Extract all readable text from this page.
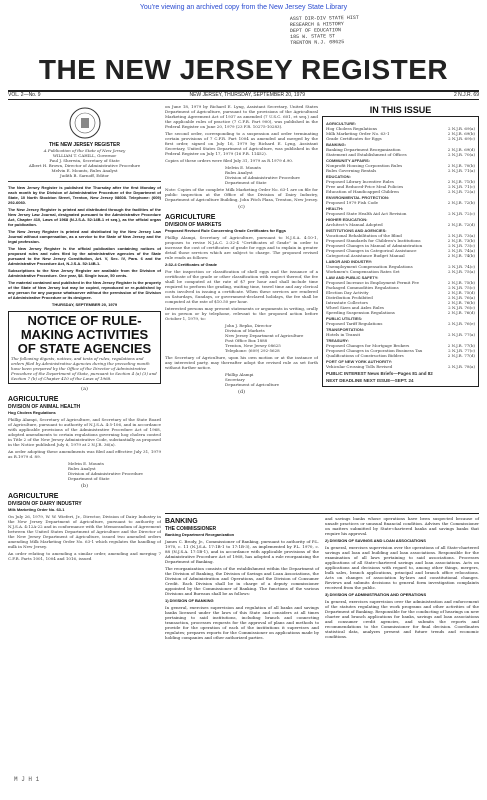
You're viewing an archived copy from the New Jersey State Library
ASST DIR-DIV STATE HIST
RESEARCH & HISTORY
DEPT OF EDUCATION
185 W. STATE ST
TRENTON N.J. 08625
THE NEW JERSEY REGISTER
VOL. 2—No. 9	NEW JERSEY, THURSDAY, SEPTEMBER 20, 1979	2 N.J.R. 69
THE NEW JERSEY REGISTER
A Publication of the State of New Jersey
WILLIAM T. CAHILL, Governor
Paul J. Sherwin, Secretary of State
Albert H. Brown, Director of Administrative Procedure
Melvin E. Mounts, Rules Analyst
Judith B. Sarnoff, Editor

The New Jersey Register is published the Thursday after the first Monday of each month by the Division of Administrative Procedure of the Department of State, 10 North Stockton Street, Trenton, New Jersey 08608. Telephone: (609) 292-6060.

The New Jersey Register is printed and distributed through the facilities of the New Jersey Law Journal, designated pursuant to the Administrative Procedure Act, Chapter 410, Laws of 1968 (N.J.S.A. 52:14B-1 et seq.), as the official organ for publication.

The New Jersey Register is printed and distributed by the New Jersey Law Journal without compensation, as a service to the State of New Jersey and the legal profession.

The New Jersey Register is the official publication containing notices of proposed rules and rules filed by the administrative agencies of the State pursuant to the New Jersey Constitution, Art. V, Sec. IV, Para. 6 and the Administrative Procedure Act, N.J.S.A. 52:14B-1.

Subscriptions to the New Jersey Register are available from the Division of Administrative Procedure. One year, $8. Single issue, 50 cents.

The material contained and published in the New Jersey Register is the property of the State of New Jersey but may be copied, reproduced or re-published by any person for any purpose whatsoever without the permission of the Division of Administrative Procedure or its designee.

THURSDAY, SEPTEMBER 20, 1979
NOTICE OF RULE-MAKING ACTIVITIES OF STATE AGENCIES
The following digests, notices, and texts of rules, regulations and orders filed by Administrative Agencies during the preceding month have been prepared by the Office of the Director of Administrative Procedure of the Department of State, pursuant to Section 4 (a) (3) and Section 7 (b) of Chapter 410 of the Laws of 1968.
(a)
AGRICULTURE
DIVISION OF ANIMAL HEALTH
Hog Cholera Regulations

Phillip Alampi, Secretary of Agriculture, and Secretary of the State Board of Agriculture, pursuant to authority of N.J.S.A. 4:5-106, and in accordance with applicable provisions of the Administrative Procedure Act of 1968, adopted amendments to certain regulations governing hog cholera control in Title 2 of the New Jersey Administrative Code, substantially as proposed in the Notice published July 6, 1979 at 2 N.J.R. 36(a).

An order adopting these amendments was filed and effective July 31, 1979 as R.1979 d. 89.

Melvin E. Mounts
Rules Analyst
Division of Administrative Procedure
Department of State
(b)
AGRICULTURE
DIVISION OF DAIRY INDUSTRY
Milk Marketing Order No. 63-1

On July 26, 1979, W. W. Wiefert, Jr., Director, Division of Dairy Industry in the New Jersey Department of Agriculture, pursuant to authority of N.J.S.A. 4:12A-22 and in conformance with the Memorandum of Agreement between the United States Department of Agriculture and the Director of the New Jersey Department of Agriculture, issued two amended orders amending Milk Marketing Order No. 63-1 which regulates the handling of milk in New Jersey.

An order relating to amending a similar order, amending and merging 7 C.F.R. Parts 1001, 1004 and 1016, issued

on June 18, 1979 by Richard E. Lyng, Assistant Secretary, United States Department of Agriculture, pursuant to the provisions of the Agricultural Marketing Agreement Act of 1937 as amended (7 U.S.C. 601, et seq.) and the applicable rules of practice (7 C.F.R. Part 900), was published in the Federal Register on June 20, 1979 (23 F.R. 10275-10283).

The second order, corresponding to a suspension and order terminating certain provisions of 7 C.F.R. Part 1004 as amended and merged by the first order, signed on July 16, 1979 by Richard E. Lyng, Assistant Secretary, United States Department of Agriculture, was published in the Federal Register on July 17, 1979 (16 F.R. 11452).

Copies of these orders were filed July 31, 1979 as R.1979 d.90.

Melvin E. Mounts
Rules Analyst
Division of Administrative Procedure
Department of State

Note: Copies of the complete Milk Marketing Order No. 63-1 are on file for public inspection at the Office of the Division of Dairy Industry, Department of Agriculture Building, John Fitch Plaza, Trenton, New Jersey.

(c)
AGRICULTURE
DIVISION OF MARKETS
Proposed Revised Rule Concerning Grade Certificates for Eggs

Phillip Alampi, Secretary of Agriculture, pursuant to N.J.S.A. 4:10-1, proposes to revise N.J.A.C. 2:32-4 "Certificates of Grade" in order to increase the cost of certificates of grade for eggs and to explain in greater detail those services which are subject to charge. The proposed revised rule reads as follows:

2:32-4 Certificates of Grade

For the inspection or classification of shell eggs and the issuance of a certificate of the grade or other classification with respect thereof, the fee shall be computed at the rate of $7 per hour and shall include time required to perform the grading, waiting time, travel time and any clerical costs involved in issuing a certificate. When these services are rendered on Saturdays, Sundays, or government-declared holidays, the fee shall be computed at the rate of $10.50 per hour.

Interested persons may present statements or arguments in writing, orally or in person or by telephone, relevant to the proposed action before October 1, 1979, to:

John J. Repko, Director
Division of Markets
New Jersey Department of Agriculture
Post Office Box 1888
Trenton, New Jersey 08625
Telephone: (609) 292-5628

The Secretary of Agriculture, upon his own motion or at the instance of any interested party, may thereafter adopt the revised rule as set forth without further notice.

Phillip Alampi
Secretary
Department of Agriculture
(d)
IN THIS ISSUE
AGRICULTURE:
Hog Cholera Regulations	2 N.J.R. 69(a)
Milk Marketing Order No. 63-1	2 N.J.R. 69(b)
Grade Certificates for Eggs	2 N.J.R. 69(c)
BANKING:
Banking Department Reorganization	2 N.J.R. 69(d)
Statement and Establishment of Offices	2 N.J.R. 70(a)
COMMUNITY AFFAIRS:
Nonprofit Housing Corporation Rules	2 N.J.R. 70(b)
Rules Governing Rentals	2 N.J.R. 71(a)
EDUCATION:
Proposed Library Incentive Rules	2 N.J.R. 71(b)
Free and Reduced-Price Meal Policies	2 N.J.R. 71(c)
Education of Handicapped Children	2 N.J.R. 72(a)
ENVIRONMENTAL PROTECTION:
Proposed 1979 Fish Code	2 N.J.R. 72(b)
HEALTH:
Proposed State Health Aid Act Revision	2 N.J.R. 72(c)
HIGHER EDUCATION:
Architect's Manual Adopted	2 N.J.R. 72(d)
INSTITUTIONS AND AGENCIES:
Vocational Rehabilitation of the Blind	2 N.J.R. 73(a)
Proposed Standards for Children's Institutions	2 N.J.R. 73(b)
Proposed Changes in Manual of Administration	2 N.J.R. 73(c)
Proposed Changes in Categorical Assistance	2 N.J.R. 74(a)
Categorical Assistance Budget Manual	2 N.J.R. 74(b)
LABOR AND INDUSTRY:
Unemployment Compensation Regulations	2 N.J.R. 74(c)
Workmen's Compensation Rates Set	2 N.J.R. 75(a)
LAW AND PUBLIC SAFETY:
Proposed Increase in Employment Permit Fee	2 N.J.R. 75(b)
Packaged Commodities Regulations	2 N.J.R. 75(c)
Election Day Activity	2 N.J.R. 75(d)
Distribution Prohibited	2 N.J.R. 76(a)
Intrastate Collectors	2 N.J.R. 76(b)
Wheel Sizes and Axles Rules	2 N.J.R. 76(c)
Speeding Suspension Regulations	2 N.J.R. 76(d)
PUBLIC UTILITIES:
Proposed Tariff Regulations	2 N.J.R. 76(e)
TRANSPORTATION:
Hotels in Transit	2 N.J.R. 77(a)
TREASURY:
Proposed Changes for Mortgage Brokers	2 N.J.R. 77(b)
Proposed Changes in Corporation Business Tax	2 N.J.R. 77(c)
Qualifications of Construction Bidders	2 N.J.R. 77(d)
PORT OF NEW YORK AUTHORITY:
Vehicular Crossing Tolls Revised	2 N.J.R. 78(a)
PUBLIC INTEREST News Briefs—Pages 81 and 82
NEXT DEADLINE NEXT ISSUE—SEPT. 24
BANKING
THE COMMISSIONER
Banking Department Reorganization

James C. Brody, Jr., Commissioner of Banking, pursuant to authority of P.L. 1970, c. 11 (N.J.S.A. 17:1B-1 to 17:1B-3), as implemented by P.L. 1970, c. 88 (N.J.S.A. 17:1B-1), and in accordance with applicable provisions of the Administrative Procedure Act of 1968, has adopted a rule reorganizing the Department of Banking.

The reorganization consists of the establishment within the Department of the Division of Banking, the Division of Savings and Loan Associations, the Division of Administration and Operations, and the Division of Consumer Credit. Each Division shall be in charge of a deputy commissioner appointed by the Commissioner of Banking. The functions of the various Divisions and Bureaus shall be as follows:

1) DIVISION OF BANKING

In general, exercises supervision and regulation of all banks and savings banks licensed under the laws of this State and considers at all times pertaining to said institutions, including branch and connecting transaction, processes requests for the approval of plans and methods to provide for the operation of each of the institutions it supervises and regulates; prepares reports for the Commissioner on applications made by holding companies and other authorized parties.

and savings banks whose operations have been suspected because of unsafe practices or unusual financial condition. Advises the Commissioner on matters submitted by State-chartered banks and savings banks that require his approval.

2) DIVISION OF SAVINGS AND LOAN ASSOCIATIONS

In general, exercises supervision over the operations of all State-chartered savings and loan and building and loan associations. Responsible for the examination of all laws pertaining to said associations. Processes applications of all State-chartered savings and loan associations. Acts on applications and decisions with regard to, among other things, mergers, bulk sales, branch applications, principal and branch office relocations. Acts on changes of association by-laws and constitutional changes. Reviews and submits decisions to general form investigation complaints received from the public.

3) DIVISION OF ADMINISTRATION AND OPERATIONS

In general, exercises supervision over the administration and enforcement of the statutes regulating the work programs and other activities of the Department of Banking. Responsible for the conducting of hearings on new charter and branch applications for banks, savings and loan associations and consumer credit agencies, and submits the reports and recommendations to the Commissioner for final decision. Coordinates statistical data, analyzes present and future trends and economic conditions.

M J H 1
